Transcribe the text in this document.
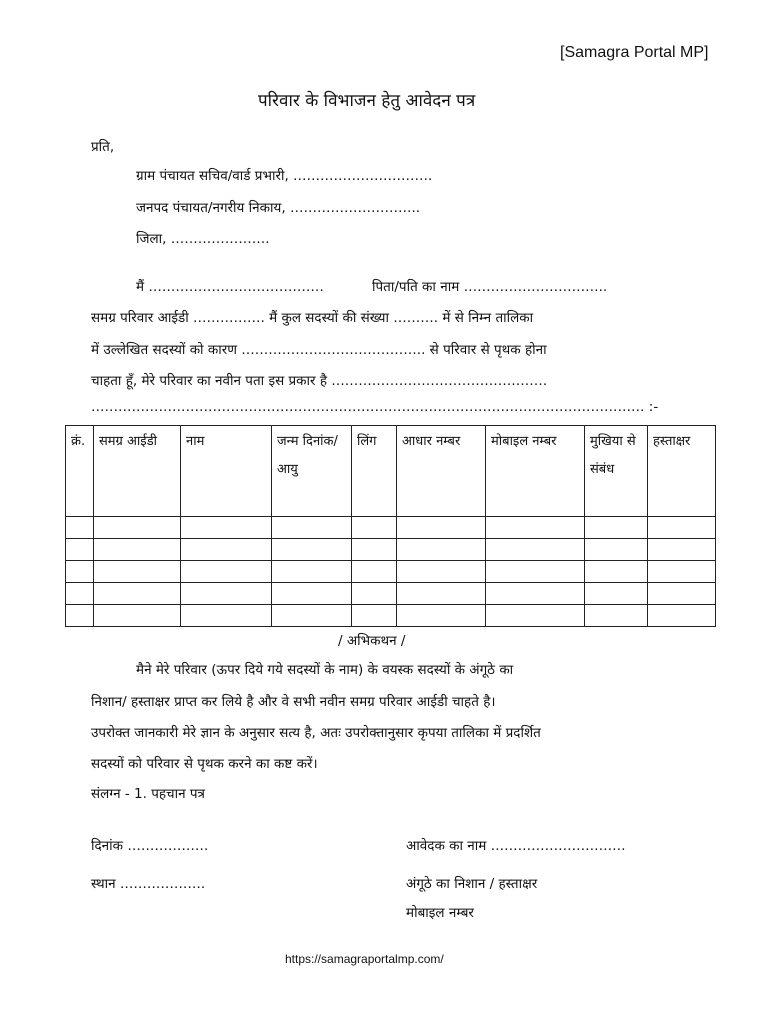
[Samagra Portal MP]
परिवार के विभाजन हेतु आवेदन पत्र
प्रति,
ग्राम पंचायत सचिव/वार्ड प्रभारी, ………………………….
जनपद पंचायत/नगरीय निकाय, ………………………..
जिला, ………………….
मैं …………………………………	पिता/पति का नाम …………………………..
समग्र परिवार आईडी ……………. मैं कुल सदस्यों की संख्या ………. में से निम्न तालिका
में उल्लेखित सदस्यों को कारण ………………………………….. से परिवार से पृथक होना
चाहता हूँ, मेरे परिवार का नवीन पता इस प्रकार है …………………………………………
…………………………………………………………………………………………………………… :-
क्रं.	समग्र आईडी	नाम	जन्म दिनांक/ आयु	लिंग	आधार नम्बर	मोबाइल नम्बर	मुखिया से संबंध	हस्ताक्षर

/ अभिकथन /
मैने मेरे परिवार (ऊपर दिये गये सदस्यों के नाम) के वयस्क सदस्यों के अंगूठे का
निशान/ हस्ताक्षर प्राप्त कर लिये है और वे सभी नवीन समग्र परिवार आईडी चाहते है।
उपरोक्त जानकारी मेरे ज्ञान के अनुसार सत्य है, अतः उपरोक्तानुसार कृपया तालिका में प्रदर्शित
सदस्यों को परिवार से पृथक करने का कष्ट करें।
संलग्न - 1. पहचान पत्र
दिनांक ………………	आवेदक का नाम …………………………
स्थान ……………….	अंगूठे का निशान / हस्ताक्षर
मोबाइल नम्बर
https://samagraportalmp.com/
